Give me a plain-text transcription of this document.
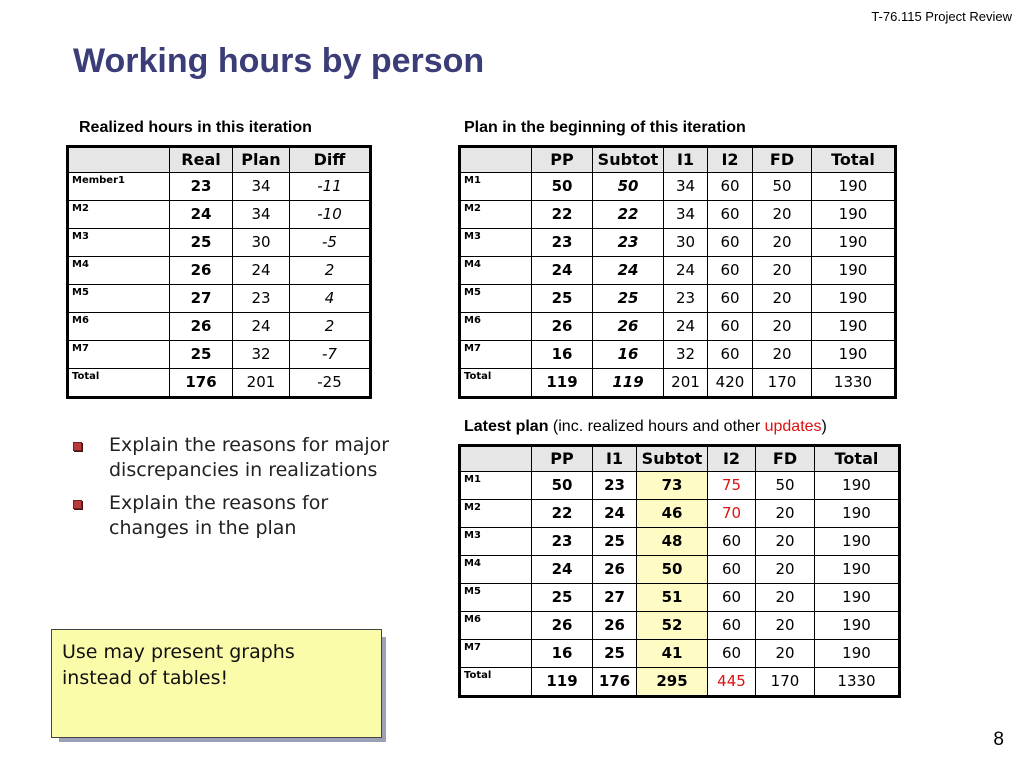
T-76.115 Project Review
Working hours by person
Realized hours in this iteration
	Real	Plan	Diff
Member1	23	34	-11
M2	24	34	-10
M3	25	30	-5
M4	26	24	2
M5	27	23	4
M6	26	24	2
M7	25	32	-7
Total	176	201	-25
Plan in the beginning of this iteration
	PP	Subtot	I1	I2	FD	Total
M1	50	50	34	60	50	190
M2	22	22	34	60	20	190
M3	23	23	30	60	20	190
M4	24	24	24	60	20	190
M5	25	25	23	60	20	190
M6	26	26	24	60	20	190
M7	16	16	32	60	20	190
Total	119	119	201	420	170	1330
Latest plan (inc. realized hours and other updates)
	PP	I1	Subtot	I2	FD	Total
M1	50	23	73	75	50	190
M2	22	24	46	70	20	190
M3	23	25	48	60	20	190
M4	24	26	50	60	20	190
M5	25	27	51	60	20	190
M6	26	26	52	60	20	190
M7	16	25	41	60	20	190
Total	119	176	295	445	170	1330
Explain the reasons for major discrepancies in realizations
Explain the reasons for changes in the plan
Use may present graphs instead of tables!
8
